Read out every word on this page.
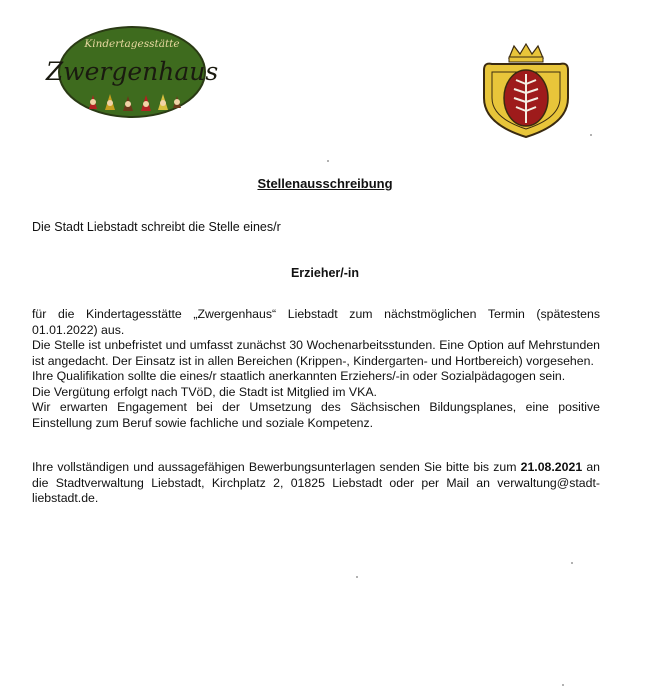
Kindertagesstätte
Zwergenhaus
Stellenausschreibung
Die Stadt Liebstadt schreibt die Stelle eines/r
Erzieher/-in

für die Kindertagesstätte „Zwergenhaus“ Liebstadt zum nächstmöglichen Termin (spätestens 01.01.2022) aus.

Die Stelle ist unbefristet und umfasst zunächst 30 Wochenarbeitsstunden. Eine Option auf Mehrstunden ist angedacht. Der Einsatz ist in allen Bereichen (Krippen-, Kindergarten- und Hortbereich) vorgesehen.

Ihre Qualifikation sollte die eines/r staatlich anerkannten Erziehers/-in oder Sozialpädagogen sein.

Die Vergütung erfolgt nach TVöD, die Stadt ist Mitglied im VKA.

Wir erwarten Engagement bei der Umsetzung des Sächsischen Bildungsplanes, eine positive Einstellung zum Beruf sowie fachliche und soziale Kompetenz.

Ihre vollständigen und aussagefähigen Bewerbungsunterlagen senden Sie bitte bis zum 21.08.2021 an die Stadtverwaltung Liebstadt, Kirchplatz 2, 01825 Liebstadt oder per Mail an verwaltung@stadt-liebstadt.de.
